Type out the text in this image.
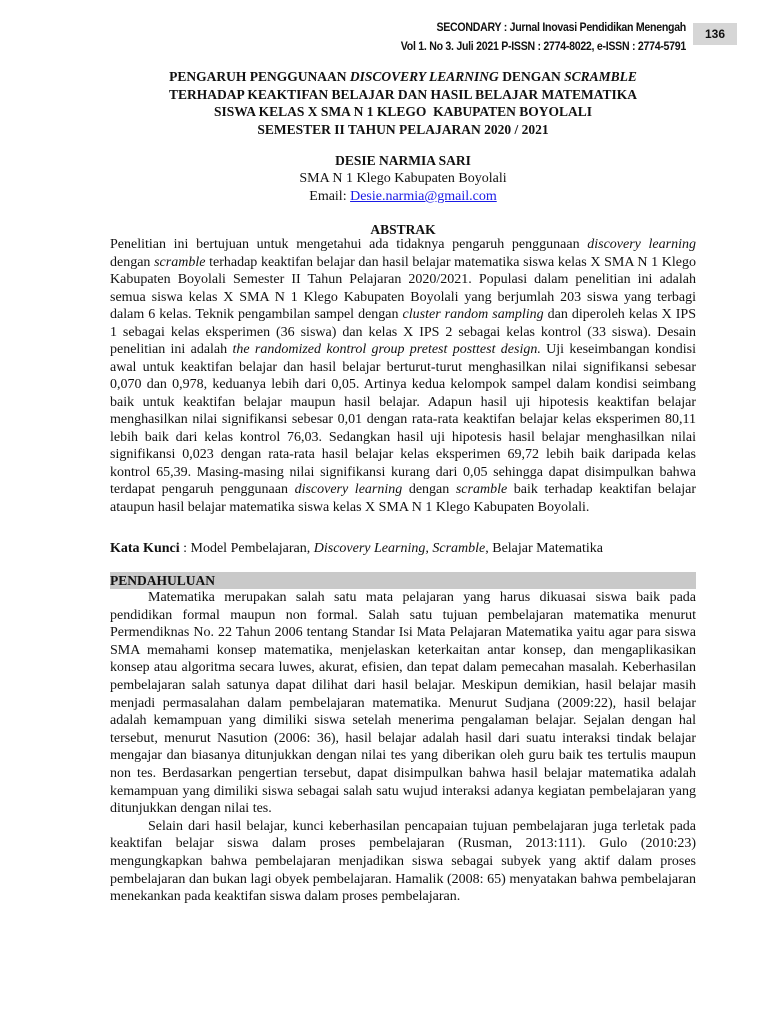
SECONDARY : Jurnal Inovasi Pendidikan Menengah
Vol 1. No 3. Juli 2021 P-ISSN : 2774-8022, e-ISSN : 2774-5791
136
PENGARUH PENGGUNAAN DISCOVERY LEARNING DENGAN SCRAMBLE
TERHADAP KEAKTIFAN BELAJAR DAN HASIL BELAJAR MATEMATIKA
SISWA KELAS X SMA N 1 KLEGO  KABUPATEN BOYOLALI
SEMESTER II TAHUN PELAJARAN 2020 / 2021
DESIE NARMIA SARI
SMA N 1 Klego Kabupaten Boyolali
Email: Desie.narmia@gmail.com
ABSTRAK

Penelitian ini bertujuan untuk mengetahui ada tidaknya pengaruh penggunaan discovery learning dengan scramble terhadap keaktifan belajar dan hasil belajar matematika siswa kelas X SMA N 1 Klego Kabupaten Boyolali Semester II Tahun Pelajaran 2020/2021. Populasi dalam penelitian ini adalah semua siswa kelas X SMA N 1 Klego Kabupaten Boyolali yang berjumlah 203 siswa yang terbagi dalam 6 kelas. Teknik pengambilan sampel dengan cluster random sampling dan diperoleh kelas X IPS 1 sebagai kelas eksperimen (36 siswa) dan kelas X IPS 2 sebagai kelas kontrol (33 siswa). Desain penelitian ini adalah the randomized kontrol group pretest posttest design. Uji keseimbangan kondisi awal untuk keaktifan belajar dan hasil belajar berturut-turut menghasilkan nilai signifikansi sebesar 0,070 dan 0,978, keduanya lebih dari 0,05. Artinya kedua kelompok sampel dalam kondisi seimbang baik untuk keaktifan belajar maupun hasil belajar. Adapun hasil uji hipotesis keaktifan belajar menghasilkan nilai signifikansi sebesar 0,01 dengan rata-rata keaktifan belajar kelas eksperimen 80,11 lebih baik dari kelas kontrol 76,03. Sedangkan hasil uji hipotesis hasil belajar menghasilkan nilai signifikansi 0,023 dengan rata-rata hasil belajar kelas eksperimen 69,72 lebih baik daripada kelas kontrol 65,39. Masing-masing nilai signifikansi kurang dari 0,05 sehingga dapat disimpulkan bahwa terdapat pengaruh penggunaan discovery learning dengan scramble baik terhadap keaktifan belajar ataupun hasil belajar matematika siswa kelas X SMA N 1 Klego Kabupaten Boyolali.

Kata Kunci : Model Pembelajaran, Discovery Learning, Scramble, Belajar Matematika

PENDAHULUAN

Matematika merupakan salah satu mata pelajaran yang harus dikuasai siswa baik pada pendidikan formal maupun non formal. Salah satu tujuan pembelajaran matematika menurut Permendiknas No. 22 Tahun 2006 tentang Standar Isi Mata Pelajaran Matematika yaitu agar para siswa SMA memahami konsep matematika, menjelaskan keterkaitan antar konsep, dan mengaplikasikan konsep atau algoritma secara luwes, akurat, efisien, dan tepat dalam pemecahan masalah. Keberhasilan pembelajaran salah satunya dapat dilihat dari hasil belajar. Meskipun demikian, hasil belajar masih menjadi permasalahan dalam pembelajaran matematika. Menurut Sudjana (2009:22), hasil belajar adalah kemampuan yang dimiliki siswa setelah menerima pengalaman belajar. Sejalan dengan hal tersebut, menurut Nasution (2006: 36), hasil belajar adalah hasil dari suatu interaksi tindak belajar mengajar dan biasanya ditunjukkan dengan nilai tes yang diberikan oleh guru baik tes tertulis maupun non tes. Berdasarkan pengertian tersebut, dapat disimpulkan bahwa hasil belajar matematika adalah kemampuan yang dimiliki siswa sebagai salah satu wujud interaksi adanya kegiatan pembelajaran yang ditunjukkan dengan nilai tes.

Selain dari hasil belajar, kunci keberhasilan pencapaian tujuan pembelajaran juga terletak pada keaktifan belajar siswa dalam proses pembelajaran (Rusman, 2013:111). Gulo (2010:23) mengungkapkan bahwa pembelajaran menjadikan siswa sebagai subyek yang aktif dalam proses pembelajaran dan bukan lagi obyek pembelajaran. Hamalik (2008: 65) menyatakan bahwa pembelajaran menekankan pada keaktifan siswa dalam proses pembelajaran.
